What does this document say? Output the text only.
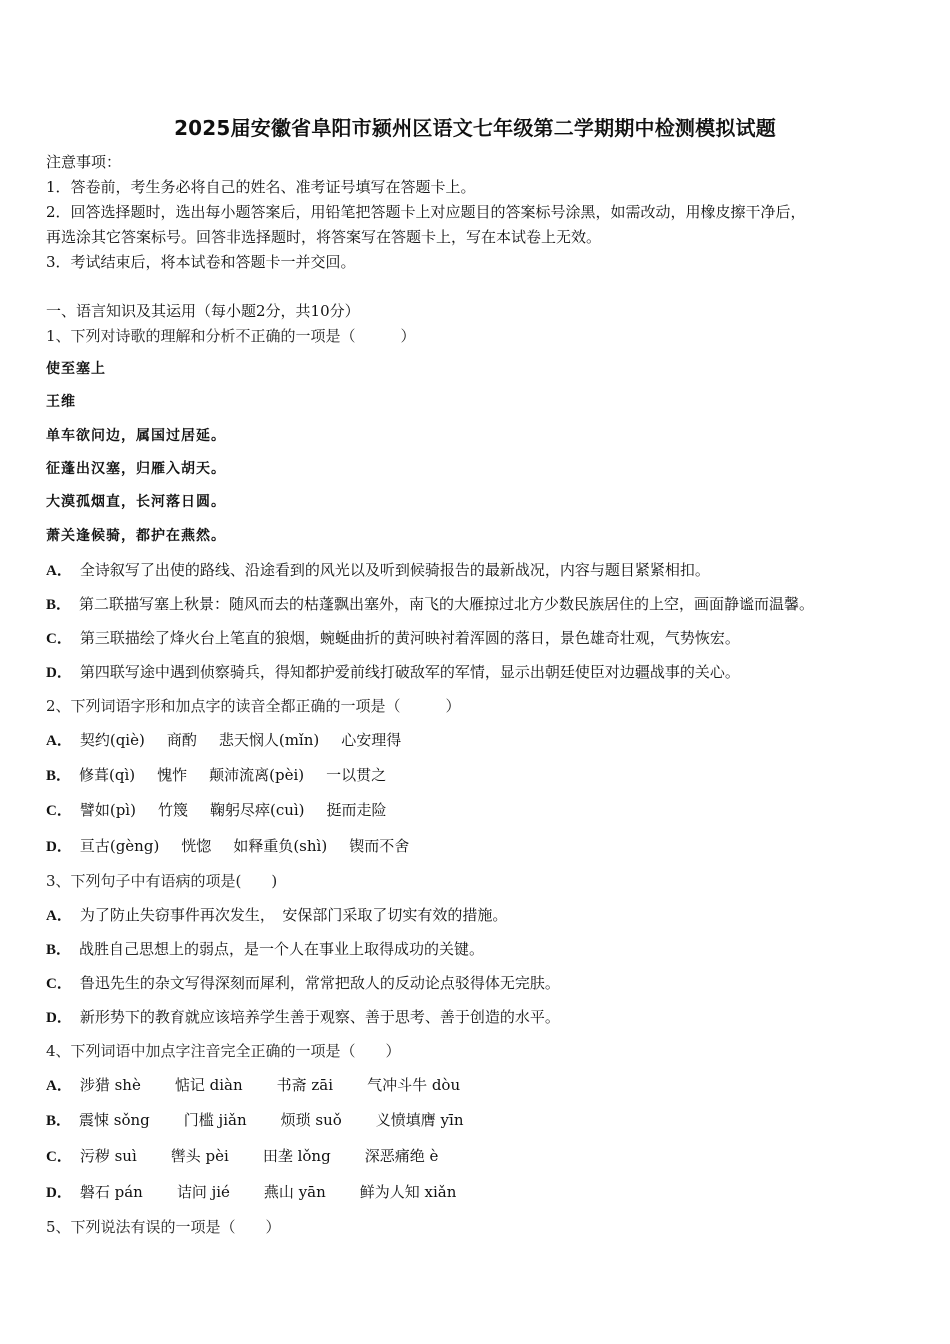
2025届安徽省阜阳市颍州区语文七年级第二学期期中检测模拟试题
注意事项：
1．答卷前，考生务必将自己的姓名、准考证号填写在答题卡上。
2．回答选择题时，选出每小题答案后，用铅笔把答题卡上对应题目的答案标号涂黑，如需改动，用橡皮擦干净后，
再选涂其它答案标号。回答非选择题时，将答案写在答题卡上，写在本试卷上无效。
3．考试结束后，将本试卷和答题卡一并交回。
一、语言知识及其运用（每小题2分，共10分）
1、下列对诗歌的理解和分析不正确的一项是（　　　）
使至塞上
王维
单车欲问边，属国过居延。
征蓬出汉塞，归雁入胡天。
大漠孤烟直，长河落日圆。
萧关逢候骑，都护在燕然。
A． 全诗叙写了出使的路线、沿途看到的风光以及听到候骑报告的最新战况，内容与题目紧紧相扣。
B． 第二联描写塞上秋景：随风而去的枯蓬飘出塞外，南飞的大雁掠过北方少数民族居住的上空，画面静谧而温馨。
C． 第三联描绘了烽火台上笔直的狼烟，蜿蜒曲折的黄河映衬着浑圆的落日，景色雄奇壮观，气势恢宏。
D． 第四联写途中遇到侦察骑兵，得知都护爱前线打破敌军的军情，显示出朝廷使臣对边疆战事的关心。
2、下列词语字形和加点字的读音全都正确的一项是（　　　）
A． 契约(qiè) 商酌 悲天悯人(mǐn) 心安理得
B． 修葺(qì) 愧怍 颠沛流离(pèi) 一以贯之
C． 譬如(pì) 竹篾 鞠躬尽瘁(cuì) 挺而走险
D． 亘古(gèng) 恍惚 如释重负(shì) 锲而不舍
3、下列句子中有语病的项是(　　)
A． 为了防止失窃事件再次发生，　安保部门采取了切实有效的措施。
B． 战胜自己思想上的弱点，是一个人在事业上取得成功的关键。
C． 鲁迅先生的杂文写得深刻而犀利，常常把敌人的反动论点驳得体无完肤。
D． 新形势下的教育就应该培养学生善于观察、善于思考、善于创造的水平。
4、下列词语中加点字注音完全正确的一项是（　　）
A． 涉猎 shè 惦记 diàn 书斋 zāi 气冲斗牛 dòu
B． 震悚 sǒng 门槛 jiǎn 烦琐 suǒ 义愤填膺 yīn
C． 污秽 suì 辔头 pèi 田垄 lǒng 深恶痛绝 è
D． 磐石 pán 诘问 jié 燕山 yān 鲜为人知 xiǎn
5、下列说法有误的一项是（　　）
